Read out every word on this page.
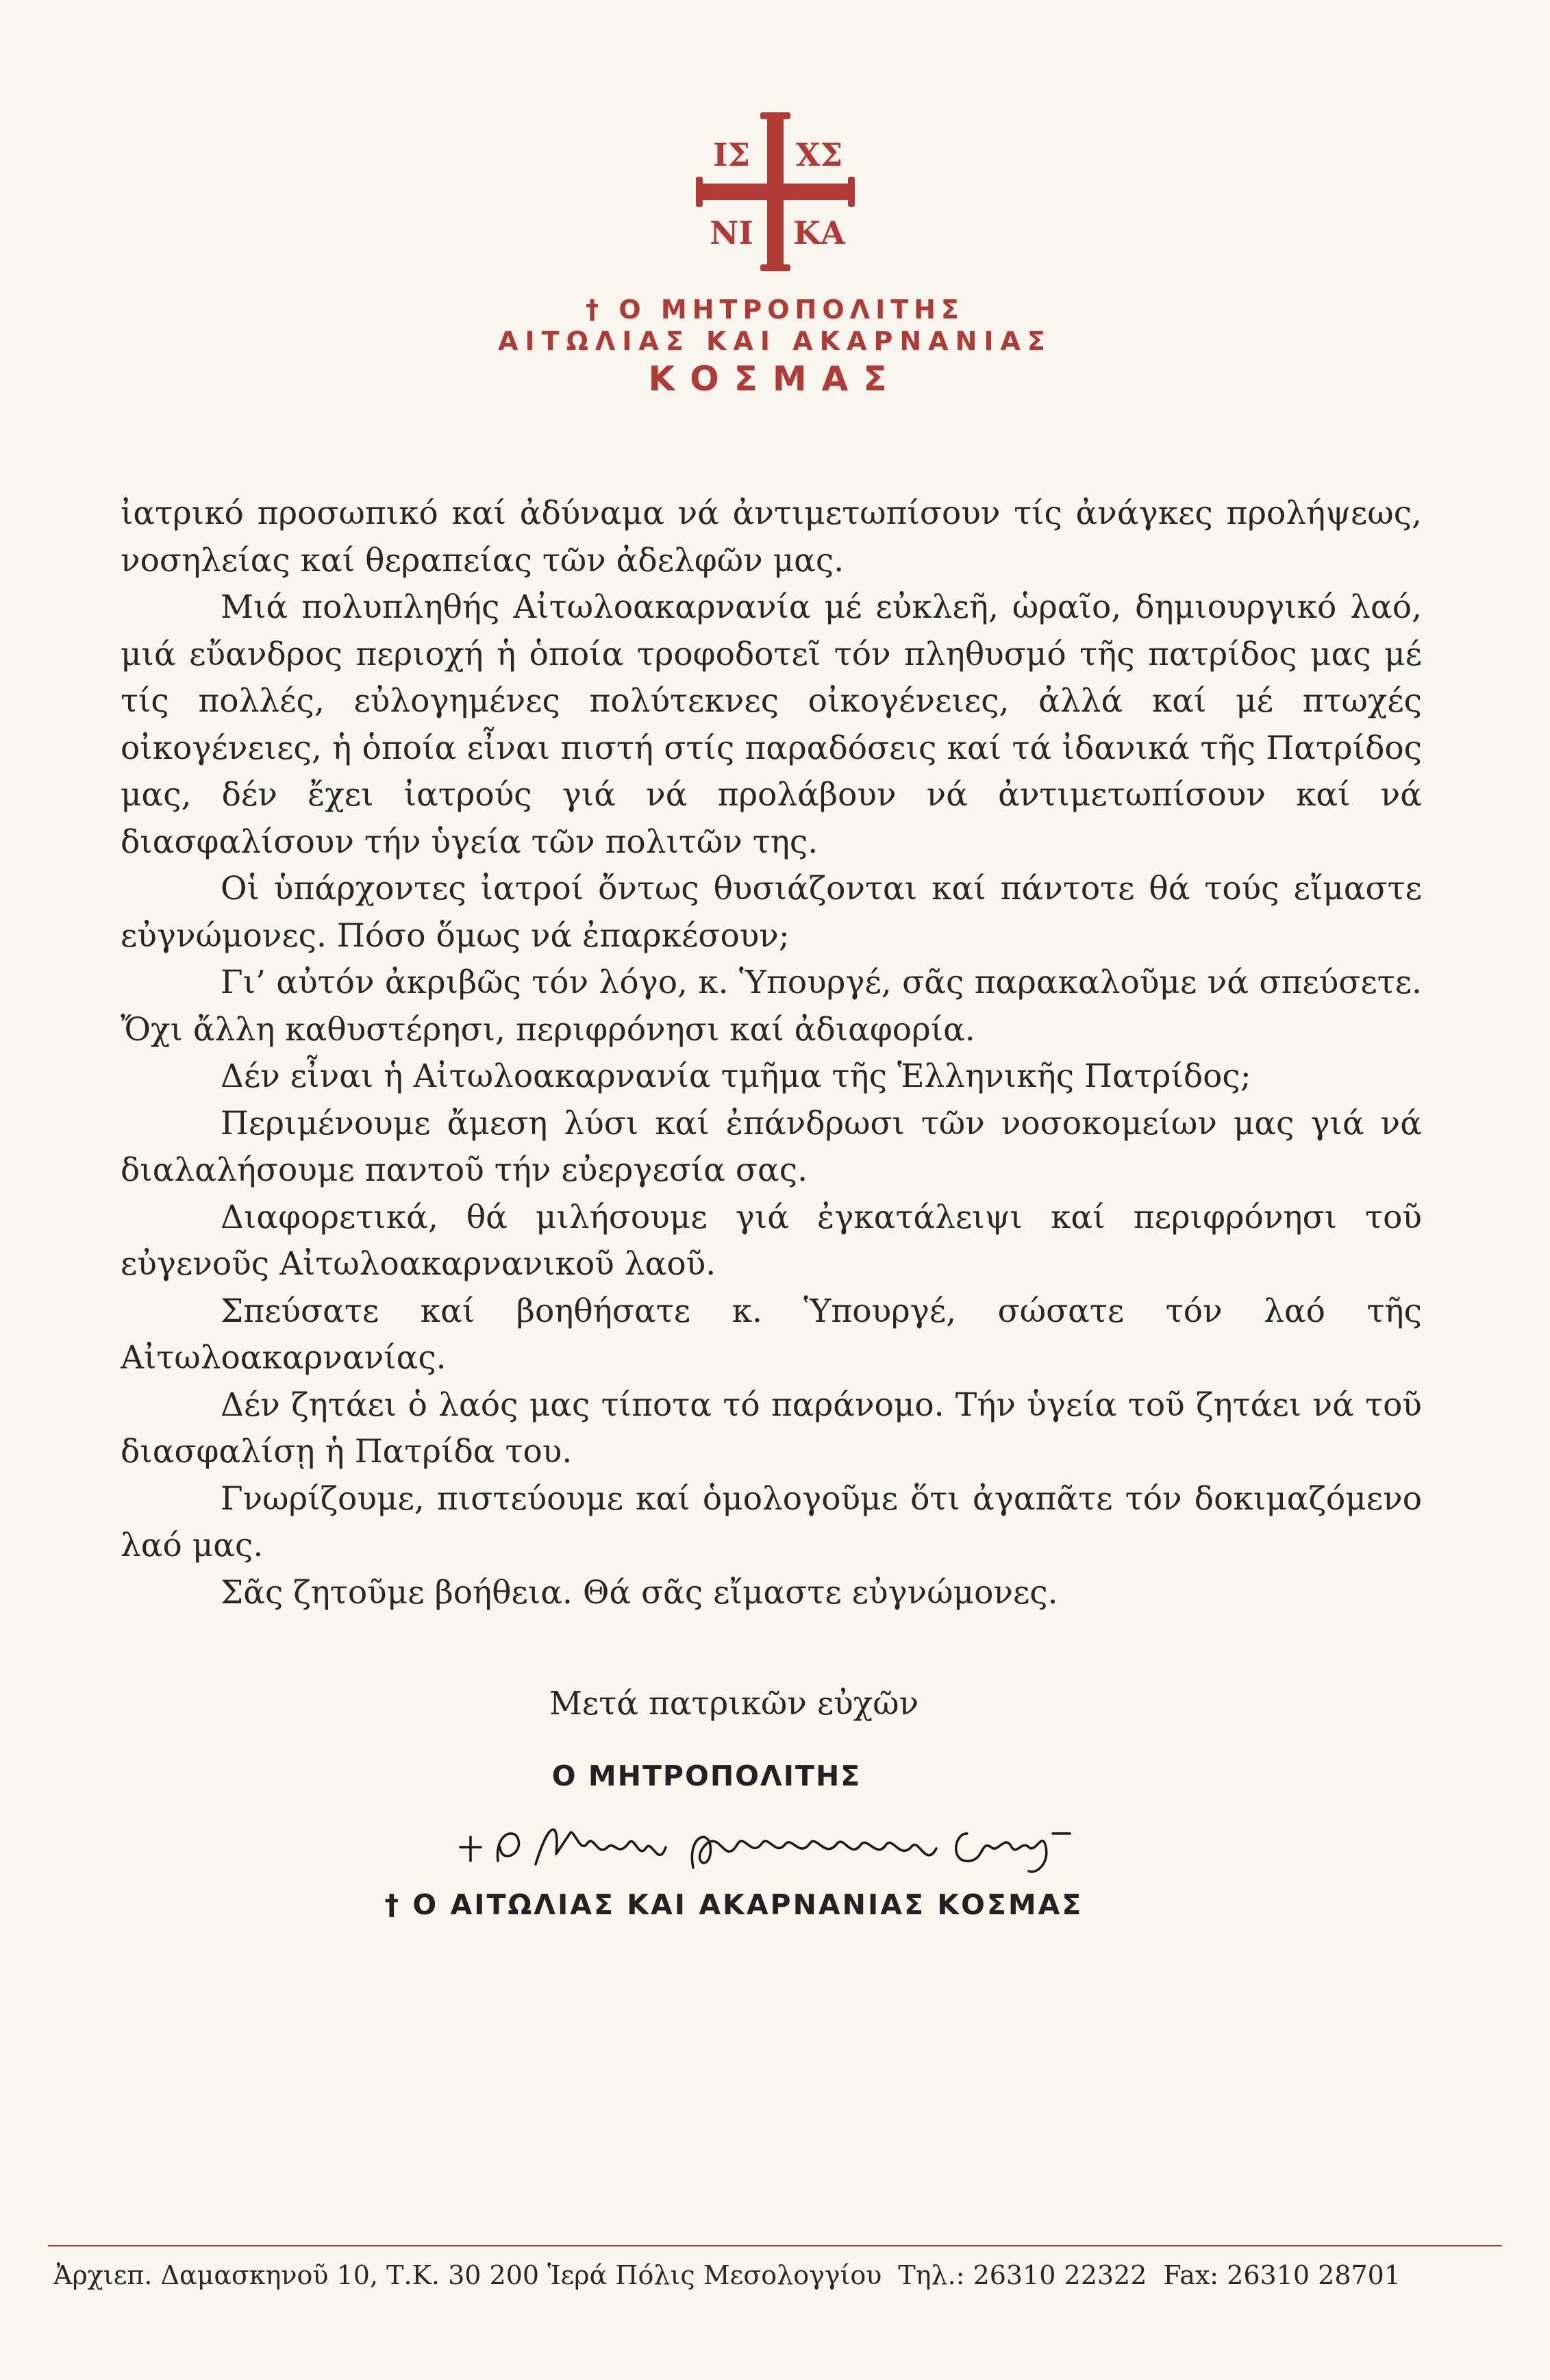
ΙΣ ΧΣ
ΝΙ ΚΑ
† Ο ΜΗΤΡΟΠΟΛΙΤΗΣ
ΑΙΤΩΛΙΑΣ ΚΑΙ ΑΚΑΡΝΑΝΙΑΣ
ΚΟΣΜΑΣ

ἰατρικό προσωπικό καί ἀδύναμα νά ἀντιμετωπίσουν τίς ἀνάγκες προλήψεως, νοσηλείας καί θεραπείας τῶν ἀδελφῶν μας.

Μιά πολυπληθής Αἰτωλοακαρνανία μέ εὐκλεῆ, ὡραῖο, δημιουργικό λαό, μιά εὔανδρος περιοχή ἡ ὁποία τροφοδοτεῖ τόν πληθυσμό τῆς πατρίδος μας μέ τίς πολλές, εὐλογημένες πολύτεκνες οἰκογένειες, ἀλλά καί μέ πτωχές οἰκογένειες, ἡ ὁποία εἶναι πιστή στίς παραδόσεις καί τά ἰδανικά τῆς Πατρίδος μας, δέν ἔχει ἰατρούς γιά νά προλάβουν νά ἀντιμετωπίσουν καί νά διασφαλίσουν τήν ὑγεία τῶν πολιτῶν της.

Οἱ ὑπάρχοντες ἰατροί ὄντως θυσιάζονται καί πάντοτε θά τούς εἴμαστε εὐγνώμονες. Πόσο ὅμως νά ἐπαρκέσουν;

Γι’ αὐτόν ἀκριβῶς τόν λόγο, κ. Ὑπουργέ, σᾶς παρακαλοῦμε νά σπεύσετε. Ὄχι ἄλλη καθυστέρησι, περιφρόνησι καί ἀδιαφορία.

Δέν εἶναι ἡ Αἰτωλοακαρνανία τμῆμα τῆς Ἑλληνικῆς Πατρίδος;

Περιμένουμε ἄμεση λύσι καί ἐπάνδρωσι τῶν νοσοκομείων μας γιά νά διαλαλήσουμε παντοῦ τήν εὐεργεσία σας.

Διαφορετικά, θά μιλήσουμε γιά ἐγκατάλειψι καί περιφρόνησι τοῦ εὐγενοῦς Αἰτωλοακαρνανικοῦ λαοῦ.

Σπεύσατε καί βοηθήσατε κ. Ὑπουργέ, σώσατε τόν λαό τῆς Αἰτωλοακαρνανίας.

Δέν ζητάει ὁ λαός μας τίποτα τό παράνομο. Τήν ὑγεία τοῦ ζητάει νά τοῦ διασφαλίσῃ ἡ Πατρίδα του.

Γνωρίζουμε, πιστεύουμε καί ὁμολογοῦμε ὅτι ἀγαπᾶτε τόν δοκιμαζόμενο λαό μας.

Σᾶς ζητοῦμε βοήθεια. Θά σᾶς εἴμαστε εὐγνώμονες.

Μετά πατρικῶν εὐχῶν

Ο ΜΗΤΡΟΠΟΛΙΤΗΣ

† Ο ΑΙΤΩΛΙΑΣ ΚΑΙ ΑΚΑΡΝΑΝΙΑΣ ΚΟΣΜΑΣ

Ἀρχιεπ. Δαμασκηνοῦ 10, Τ.Κ. 30 200 Ἱερά Πόλις Μεσολογγίου Τηλ.: 26310 22322 Fax: 26310 28701
